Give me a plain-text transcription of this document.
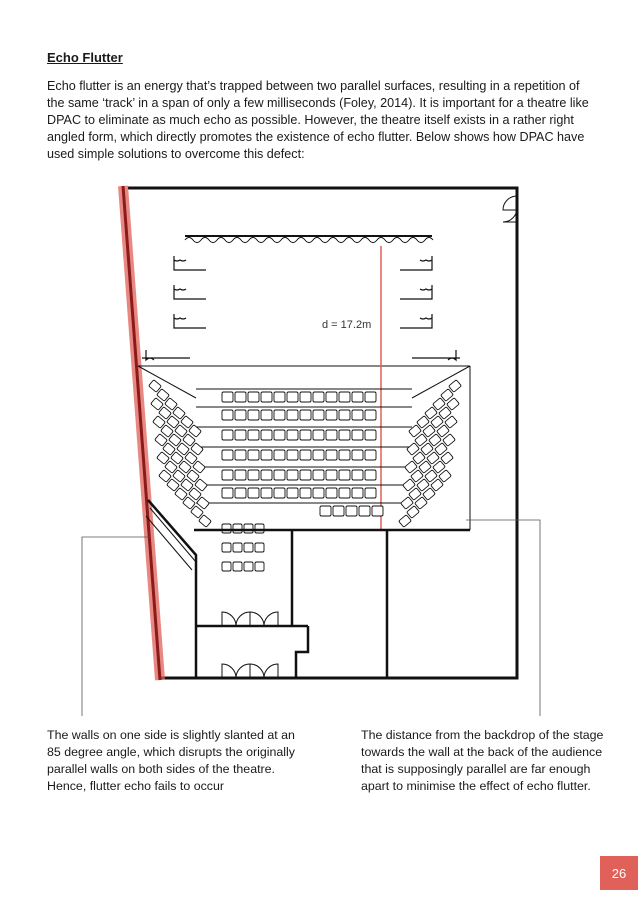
Echo Flutter

Echo flutter is an energy that’s trapped between two parallel surfaces, resulting in a repetition of the same ‘track’ in a span of only a few milliseconds (Foley, 2014). It is important for a theatre like DPAC to eliminate as much echo as possible. However, the theatre itself exists in a rather right angled form, which directly promotes the existence of echo flutter. Below shows how DPAC have used simple solutions to overcome this defect:

d = 17.2m

The walls on one side is slightly slanted at an 85 degree angle, which disrupts the originally parallel walls on both sides of the theatre. Hence, flutter echo fails to occur

The distance from the backdrop of the stage towards the wall at the back of the audience that is supposingly parallel are far enough apart to minimise the effect of echo flutter.

26
